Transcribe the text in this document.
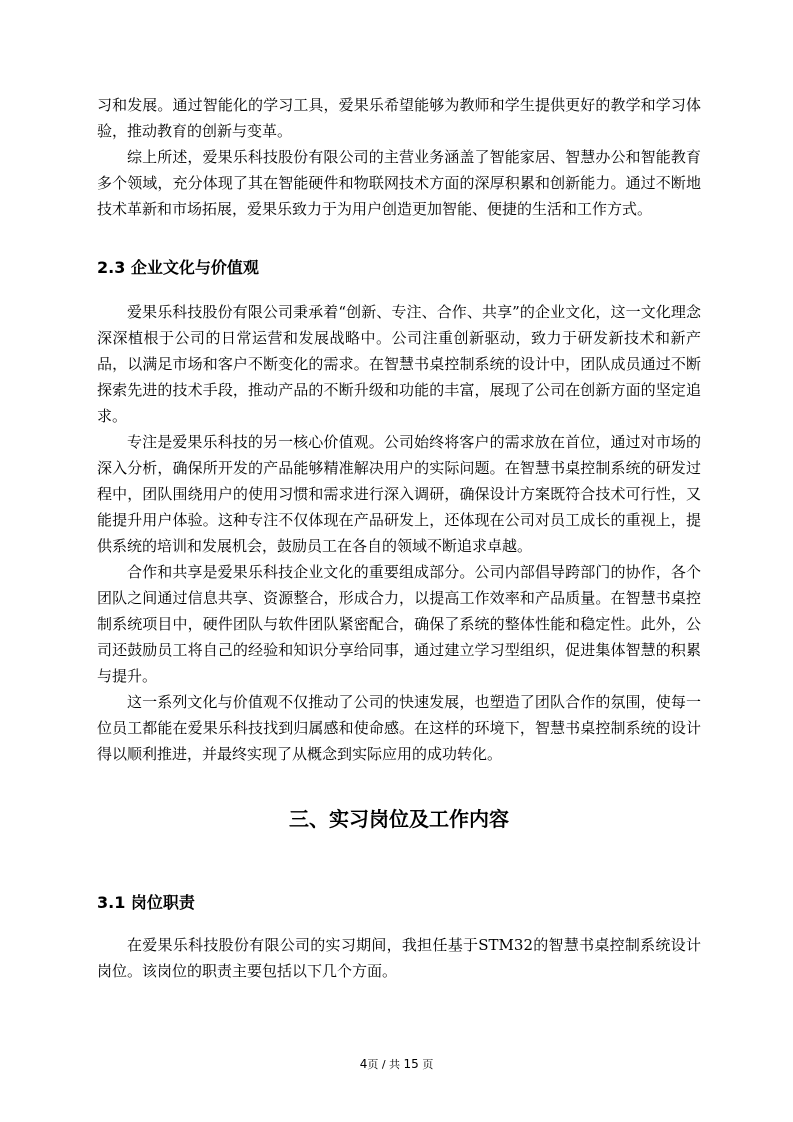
习和发展。通过智能化的学习工具，爱果乐希望能够为教师和学生提供更好的教学和学习体验，推动教育的创新与变革。

综上所述，爱果乐科技股份有限公司的主营业务涵盖了智能家居、智慧办公和智能教育多个领域，充分体现了其在智能硬件和物联网技术方面的深厚积累和创新能力。通过不断地技术革新和市场拓展，爱果乐致力于为用户创造更加智能、便捷的生活和工作方式。

2.3 企业文化与价值观

爱果乐科技股份有限公司秉承着“创新、专注、合作、共享”的企业文化，这一文化理念深深植根于公司的日常运营和发展战略中。公司注重创新驱动，致力于研发新技术和新产品，以满足市场和客户不断变化的需求。在智慧书桌控制系统的设计中，团队成员通过不断探索先进的技术手段，推动产品的不断升级和功能的丰富，展现了公司在创新方面的坚定追求。

专注是爱果乐科技的另一核心价值观。公司始终将客户的需求放在首位，通过对市场的深入分析，确保所开发的产品能够精准解决用户的实际问题。在智慧书桌控制系统的研发过程中，团队围绕用户的使用习惯和需求进行深入调研，确保设计方案既符合技术可行性，又能提升用户体验。这种专注不仅体现在产品研发上，还体现在公司对员工成长的重视上，提供系统的培训和发展机会，鼓励员工在各自的领域不断追求卓越。

合作和共享是爱果乐科技企业文化的重要组成部分。公司内部倡导跨部门的协作，各个团队之间通过信息共享、资源整合，形成合力，以提高工作效率和产品质量。在智慧书桌控制系统项目中，硬件团队与软件团队紧密配合，确保了系统的整体性能和稳定性。此外，公司还鼓励员工将自己的经验和知识分享给同事，通过建立学习型组织，促进集体智慧的积累与提升。

这一系列文化与价值观不仅推动了公司的快速发展，也塑造了团队合作的氛围，使每一位员工都能在爱果乐科技找到归属感和使命感。在这样的环境下，智慧书桌控制系统的设计得以顺利推进，并最终实现了从概念到实际应用的成功转化。

三、实习岗位及工作内容
3.1 岗位职责

在爱果乐科技股份有限公司的实习期间，我担任基于STM32的智慧书桌控制系统设计岗位。该岗位的职责主要包括以下几个方面。

4页 / 共 15 页
